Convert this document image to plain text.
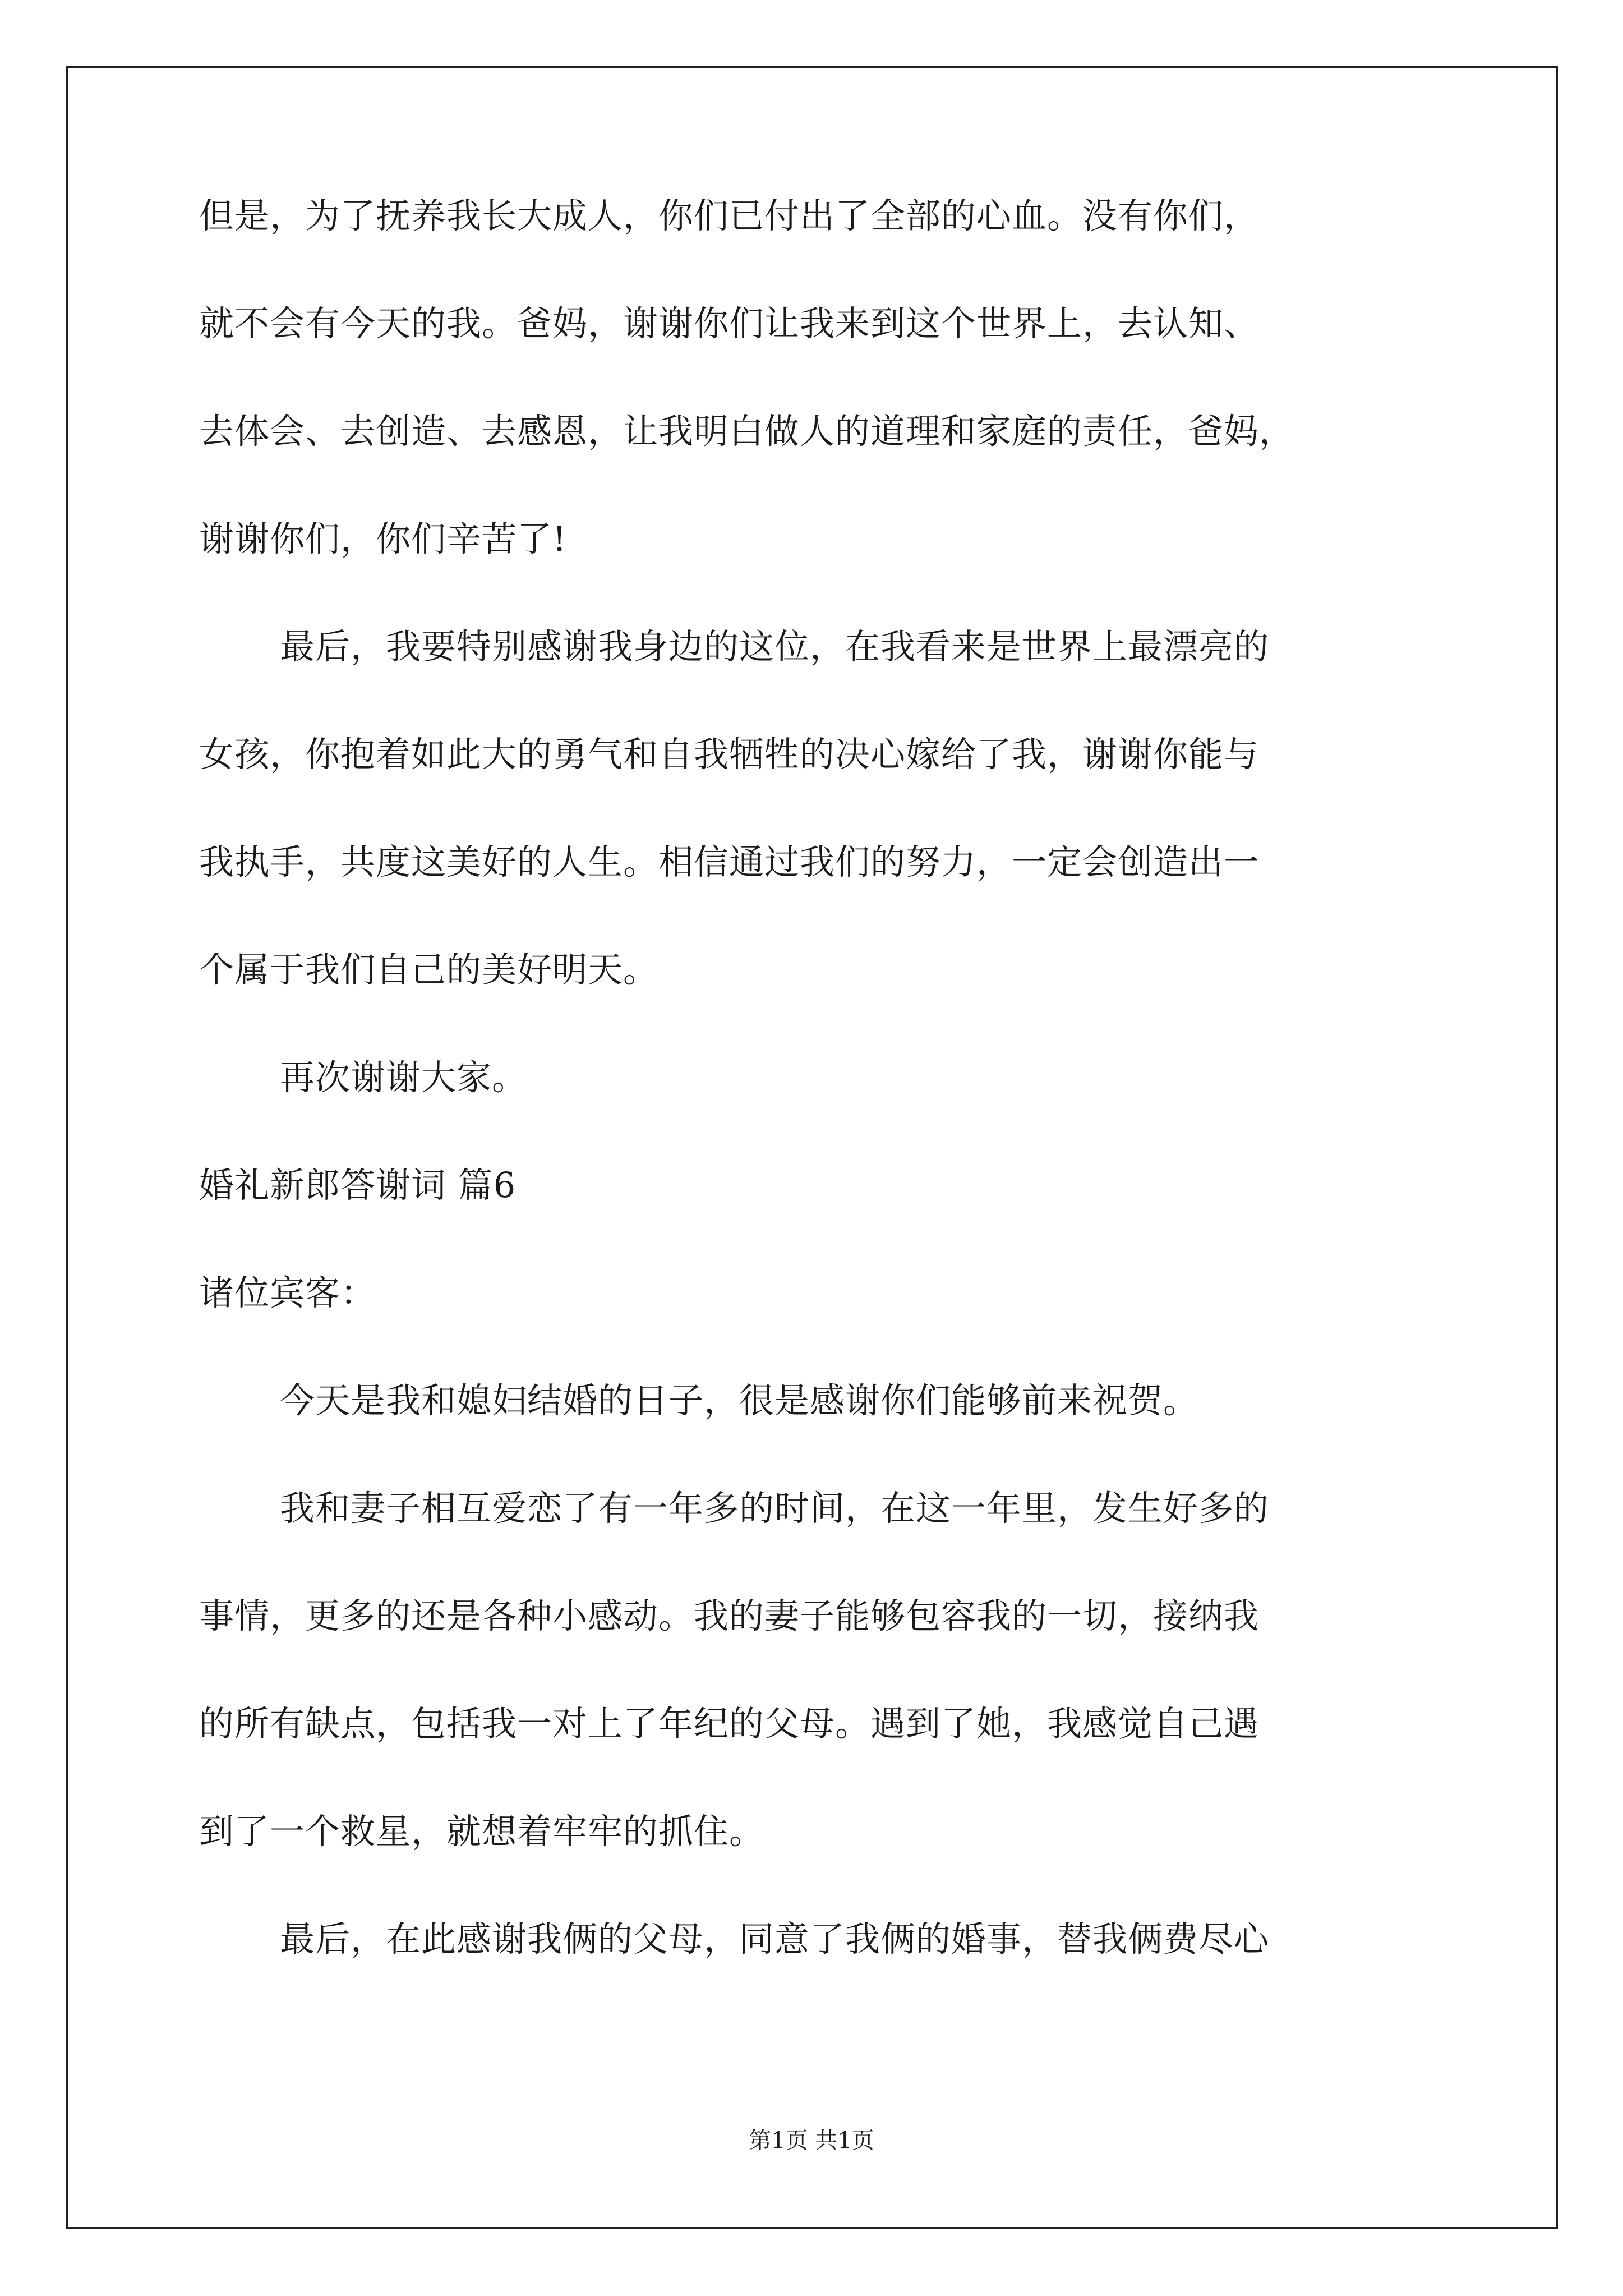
但是，为了抚养我长大成人，你们已付出了全部的心血。没有你们，

就不会有今天的我。爸妈，谢谢你们让我来到这个世界上，去认知、

去体会、去创造、去感恩，让我明白做人的道理和家庭的责任，爸妈，

谢谢你们，你们辛苦了!

最后，我要特别感谢我身边的这位，在我看来是世界上最漂亮的

女孩，你抱着如此大的勇气和自我牺牲的决心嫁给了我，谢谢你能与

我执手，共度这美好的人生。相信通过我们的努力，一定会创造出一

个属于我们自己的美好明天。

再次谢谢大家。

婚礼新郎答谢词 篇6

诸位宾客：

今天是我和媳妇结婚的日子，很是感谢你们能够前来祝贺。

我和妻子相互爱恋了有一年多的时间，在这一年里，发生好多的

事情，更多的还是各种小感动。我的妻子能够包容我的一切，接纳我

的所有缺点，包括我一对上了年纪的父母。遇到了她，我感觉自己遇

到了一个救星，就想着牢牢的抓住。

最后，在此感谢我俩的父母，同意了我俩的婚事，替我俩费尽心

第1页 共1页
